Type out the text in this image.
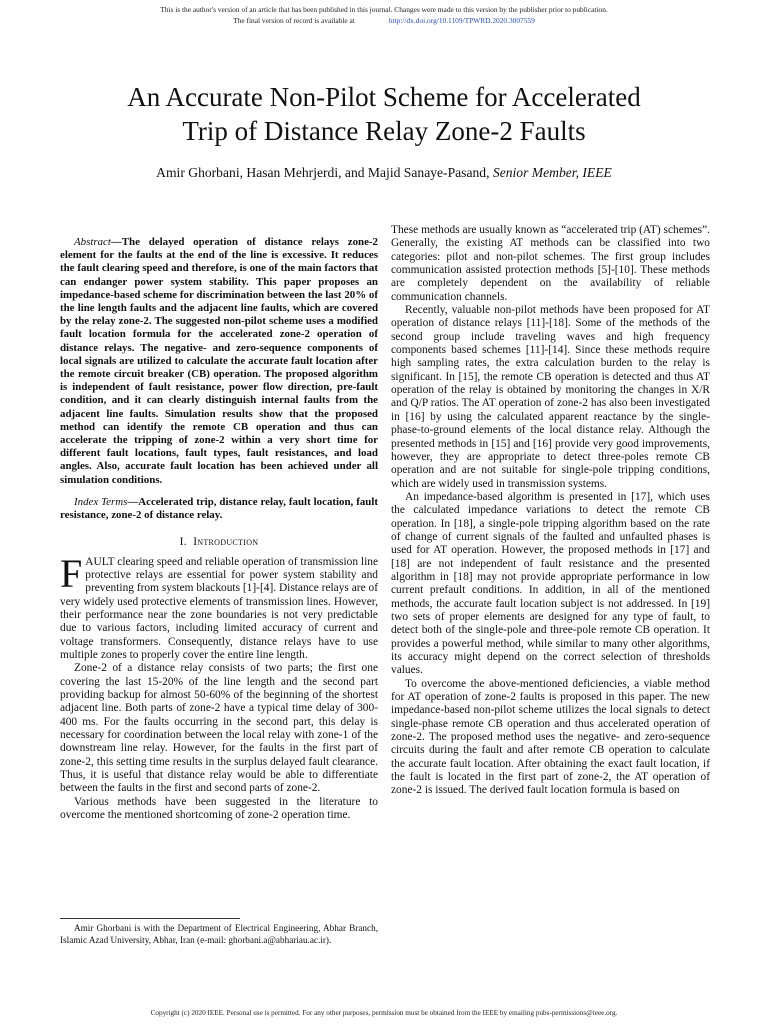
This is the author's version of an article that has been published in this journal. Changes were made to this version by the publisher prior to publication.
The final version of record is available at	http://dx.doi.org/10.1109/TPWRD.2020.3007559
An Accurate Non-Pilot Scheme for Accelerated
Trip of Distance Relay Zone-2 Faults
Amir Ghorbani, Hasan Mehrjerdi, and Majid Sanaye-Pasand, Senior Member, IEEE

Abstract—The delayed operation of distance relays zone-2 element for the faults at the end of the line is excessive. It reduces the fault clearing speed and therefore, is one of the main factors that can endanger power system stability. This paper proposes an impedance-based scheme for discrimination between the last 20% of the line length faults and the adjacent line faults, which are covered by the relay zone-2. The suggested non-pilot scheme uses a modified fault location formula for the accelerated zone-2 operation of distance relays. The negative- and zero-sequence components of local signals are utilized to calculate the accurate fault location after the remote circuit breaker (CB) operation. The proposed algorithm is independent of fault resistance, power flow direction, pre-fault condition, and it can clearly distinguish internal faults from the adjacent line faults. Simulation results show that the proposed method can identify the remote CB operation and thus can accelerate the tripping of zone-2 within a very short time for different fault locations, fault types, fault resistances, and load angles. Also, accurate fault location has been achieved under all simulation conditions.

Index Terms—Accelerated trip, distance relay, fault location, fault resistance, zone-2 of distance relay.

I. Introduction

FAULT clearing speed and reliable operation of transmission line protective relays are essential for power system stability and preventing from system blackouts [1]-[4]. Distance relays are of very widely used protective elements of transmission lines. However, their performance near the zone boundaries is not very predictable due to various factors, including limited accuracy of current and voltage transformers. Consequently, distance relays have to use multiple zones to properly cover the entire line length.

Zone-2 of a distance relay consists of two parts; the first one covering the last 15-20% of the line length and the second part providing backup for almost 50-60% of the beginning of the shortest adjacent line. Both parts of zone-2 have a typical time delay of 300-400 ms. For the faults occurring in the second part, this delay is necessary for coordination between the local relay with zone-1 of the downstream line relay. However, for the faults in the first part of zone-2, this setting time results in the surplus delayed fault clearance. Thus, it is useful that distance relay would be able to differentiate between the faults in the first and second parts of zone-2.

Various methods have been suggested in the literature to overcome the mentioned shortcoming of zone-2 operation time.

These methods are usually known as “accelerated trip (AT) schemes”. Generally, the existing AT methods can be classified into two categories: pilot and non-pilot schemes. The first group includes communication assisted protection methods [5]-[10]. These methods are completely dependent on the availability of reliable communication channels.

Recently, valuable non-pilot methods have been proposed for AT operation of distance relays [11]-[18]. Some of the methods of the second group include traveling waves and high frequency components based schemes [11]-[14]. Since these methods require high sampling rates, the extra calculation burden to the relay is significant. In [15], the remote CB operation is detected and thus AT operation of the relay is obtained by monitoring the changes in X/R and Q/P ratios. The AT operation of zone-2 has also been investigated in [16] by using the calculated apparent reactance by the single-phase-to-ground elements of the local distance relay. Although the presented methods in [15] and [16] provide very good improvements, however, they are appropriate to detect three-poles remote CB operation and are not suitable for single-pole tripping conditions, which are widely used in transmission systems.

An impedance-based algorithm is presented in [17], which uses the calculated impedance variations to detect the remote CB operation. In [18], a single-pole tripping algorithm based on the rate of change of current signals of the faulted and unfaulted phases is used for AT operation. However, the proposed methods in [17] and [18] are not independent of fault resistance and the presented algorithm in [18] may not provide appropriate performance in low current prefault conditions. In addition, in all of the mentioned methods, the accurate fault location subject is not addressed. In [19] two sets of proper elements are designed for any type of fault, to detect both of the single-pole and three-pole remote CB operation. It provides a powerful method, while similar to many other algorithms, its accuracy might depend on the correct selection of thresholds values.

To overcome the above-mentioned deficiencies, a viable method for AT operation of zone-2 faults is proposed in this paper. The new impedance-based non-pilot scheme utilizes the local signals to detect single-phase remote CB operation and thus accelerated operation of zone-2. The proposed method uses the negative- and zero-sequence circuits during the fault and after remote CB operation to calculate the accurate fault location. After obtaining the exact fault location, if the fault is located in the first part of zone-2, the AT operation of zone-2 is issued. The derived fault location formula is based on

Amir Ghorbani is with the Department of Electrical Engineering, Abhar Branch, Islamic Azad University, Abhar, Iran (e-mail: ghorbani.a@abhariau.ac.ir).
Copyright (c) 2020 IEEE. Personal use is permitted. For any other purposes, permission must be obtained from the IEEE by emailing pubs-permissions@ieee.org.
